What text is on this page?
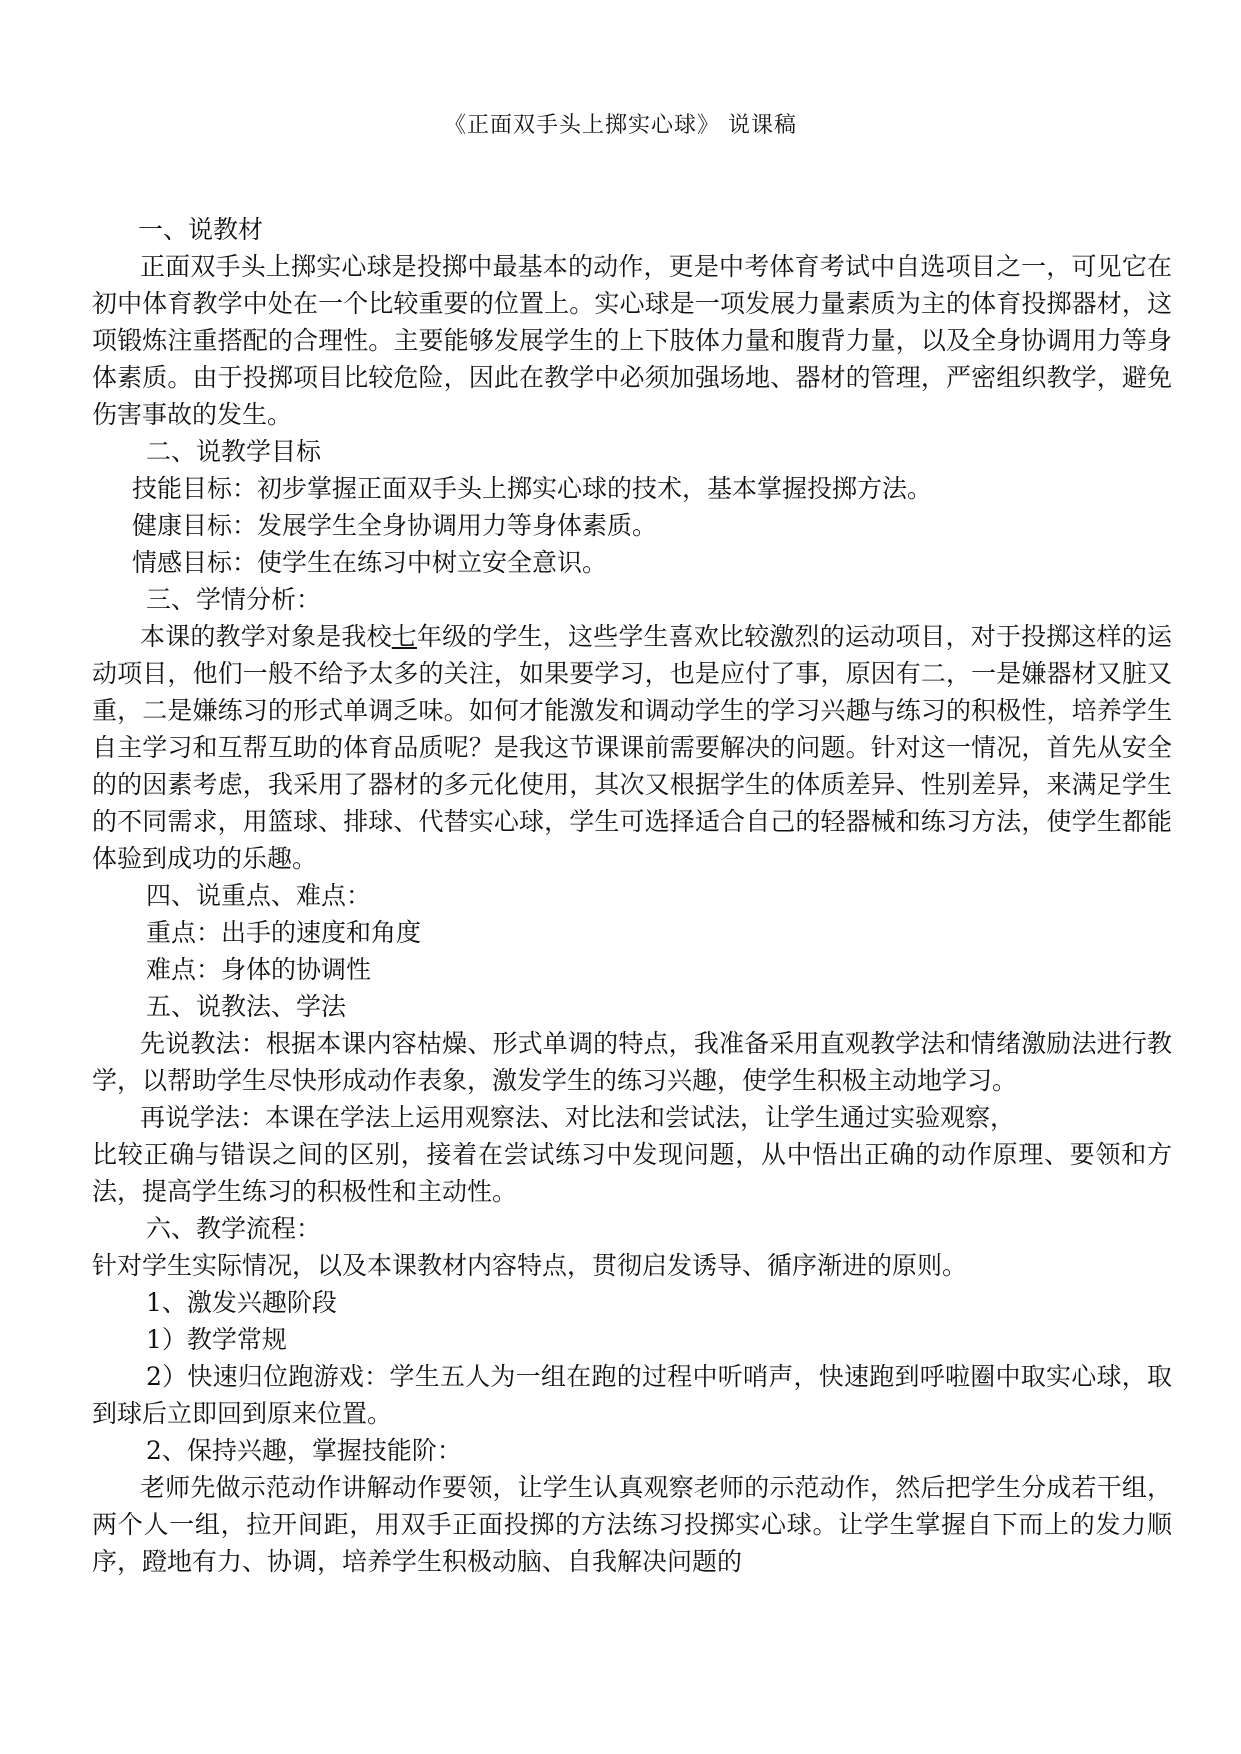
《正面双手头上掷实心球》 说课稿

一、说教材

正面双手头上掷实心球是投掷中最基本的动作，更是中考体育考试中自选项目之一，可见它在初中体育教学中处在一个比较重要的位置上。实心球是一项发展力量素质为主的体育投掷器材，这项锻炼注重搭配的合理性。主要能够发展学生的上下肢体力量和腹背力量，以及全身协调用力等身体素质。由于投掷项目比较危险，因此在教学中必须加强场地、器材的管理，严密组织教学，避免伤害事故的发生。

二、说教学目标

技能目标：初步掌握正面双手头上掷实心球的技术，基本掌握投掷方法。

健康目标：发展学生全身协调用力等身体素质。

情感目标：使学生在练习中树立安全意识。

三、学情分析：

本课的教学对象是我校七年级的学生，这些学生喜欢比较激烈的运动项目，对于投掷这样的运动项目，他们一般不给予太多的关注，如果要学习，也是应付了事，原因有二，一是嫌器材又脏又重，二是嫌练习的形式单调乏味。如何才能激发和调动学生的学习兴趣与练习的积极性，培养学生自主学习和互帮互助的体育品质呢？是我这节课课前需要解决的问题。针对这一情况，首先从安全的的因素考虑，我采用了器材的多元化使用，其次又根据学生的体质差异、性别差异，来满足学生的不同需求，用篮球、排球、代替实心球，学生可选择适合自己的轻器械和练习方法，使学生都能体验到成功的乐趣。

四、说重点、难点：

重点：出手的速度和角度

难点：身体的协调性

五、说教法、学法

先说教法：根据本课内容枯燥、形式单调的特点，我准备采用直观教学法和情绪激励法进行教学，以帮助学生尽快形成动作表象，激发学生的练习兴趣，使学生积极主动地学习。

再说学法：本课在学法上运用观察法、对比法和尝试法，让学生通过实验观察，

比较正确与错误之间的区别，接着在尝试练习中发现问题，从中悟出正确的动作原理、要领和方法，提高学生练习的积极性和主动性。

六、教学流程：

针对学生实际情况，以及本课教材内容特点，贯彻启发诱导、循序渐进的原则。

1、激发兴趣阶段

1）教学常规

2）快速归位跑游戏：学生五人为一组在跑的过程中听哨声，快速跑到呼啦圈中取实心球，取到球后立即回到原来位置。

2、保持兴趣，掌握技能阶：

老师先做示范动作讲解动作要领，让学生认真观察老师的示范动作，然后把学生分成若干组，两个人一组，拉开间距，用双手正面投掷的方法练习投掷实心球。让学生掌握自下而上的发力顺序，蹬地有力、协调，培养学生积极动脑、自我解决问题的
